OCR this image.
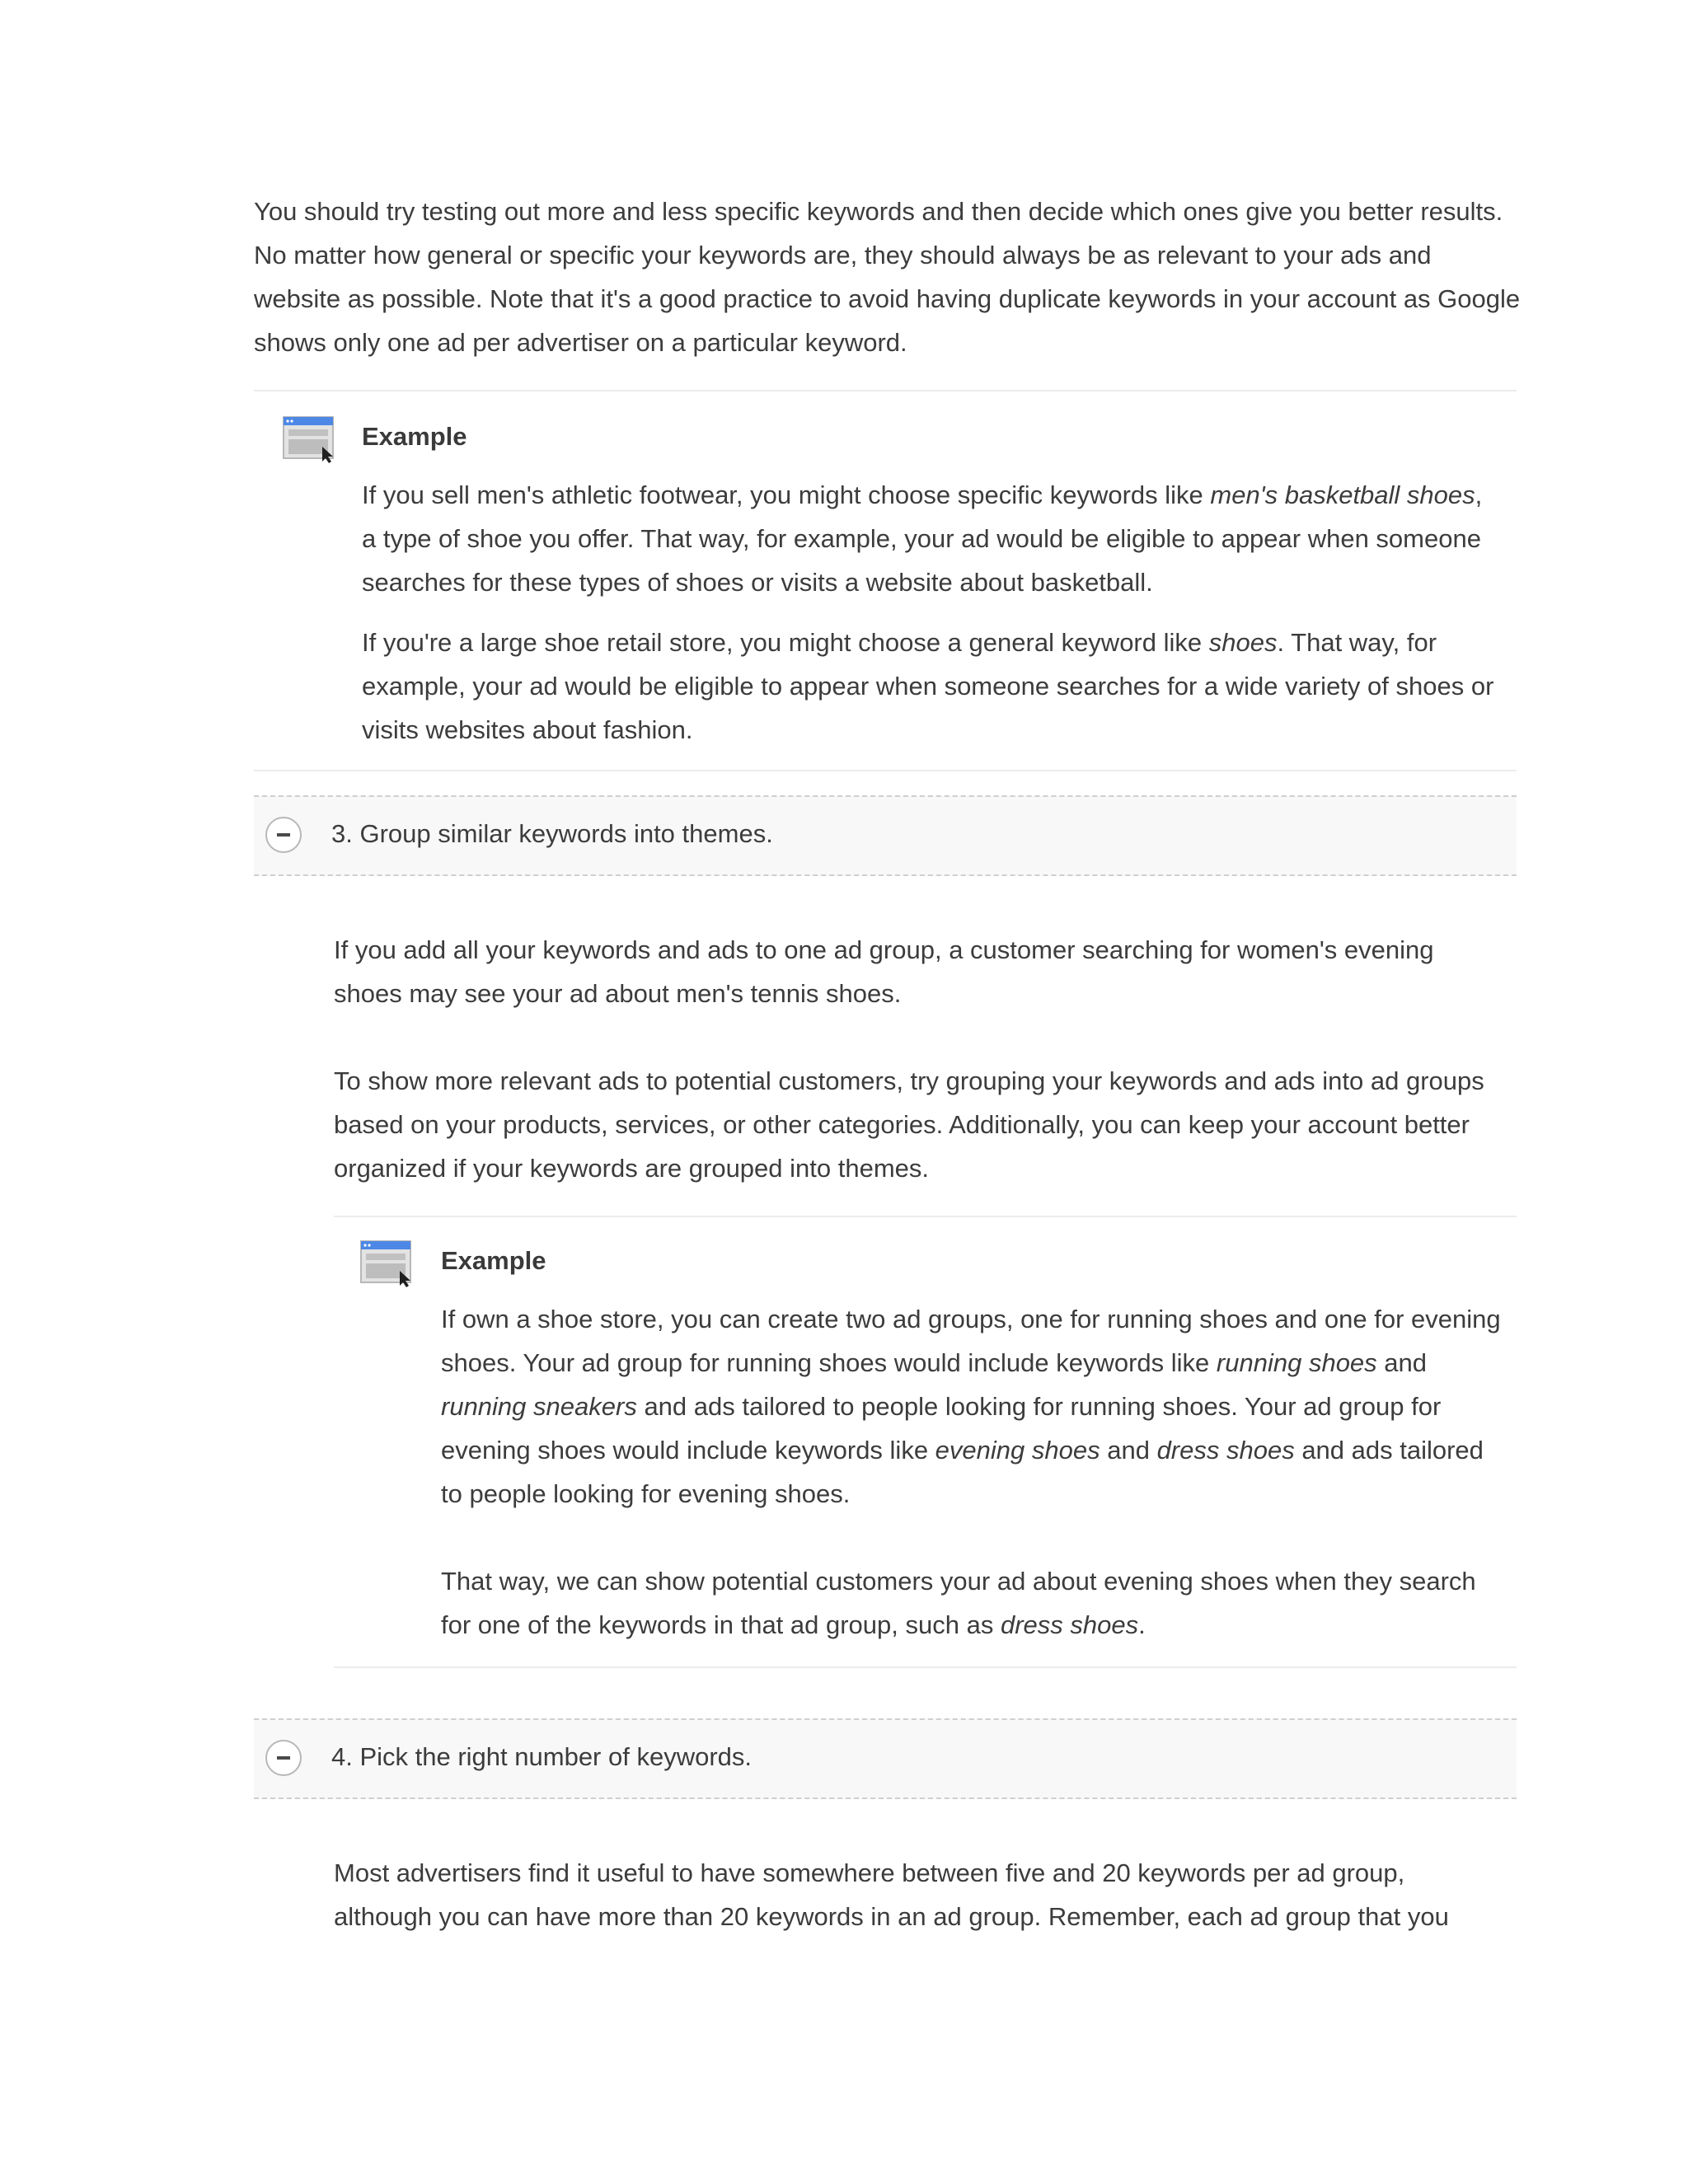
You should try testing out more and less specific keywords and then decide which ones give you better results. No matter how general or specific your keywords are, they should always be as relevant to your ads and website as possible. Note that it's a good practice to avoid having duplicate keywords in your account as Google shows only one ad per advertiser on a particular keyword.

Example

If you sell men's athletic footwear, you might choose specific keywords like men's basketball shoes, a type of shoe you offer. That way, for example, your ad would be eligible to appear when someone searches for these types of shoes or visits a website about basketball.

If you're a large shoe retail store, you might choose a general keyword like shoes. That way, for example, your ad would be eligible to appear when someone searches for a wide variety of shoes or visits websites about fashion.

3. Group similar keywords into themes.

If you add all your keywords and ads to one ad group, a customer searching for women's evening shoes may see your ad about men's tennis shoes.

To show more relevant ads to potential customers, try grouping your keywords and ads into ad groups based on your products, services, or other categories. Additionally, you can keep your account better organized if your keywords are grouped into themes.

Example

If own a shoe store, you can create two ad groups, one for running shoes and one for evening shoes. Your ad group for running shoes would include keywords like running shoes and running sneakers and ads tailored to people looking for running shoes. Your ad group for evening shoes would include keywords like evening shoes and dress shoes and ads tailored to people looking for evening shoes.

That way, we can show potential customers your ad about evening shoes when they search for one of the keywords in that ad group, such as dress shoes.

4. Pick the right number of keywords.

Most advertisers find it useful to have somewhere between five and 20 keywords per ad group, although you can have more than 20 keywords in an ad group. Remember, each ad group that you
